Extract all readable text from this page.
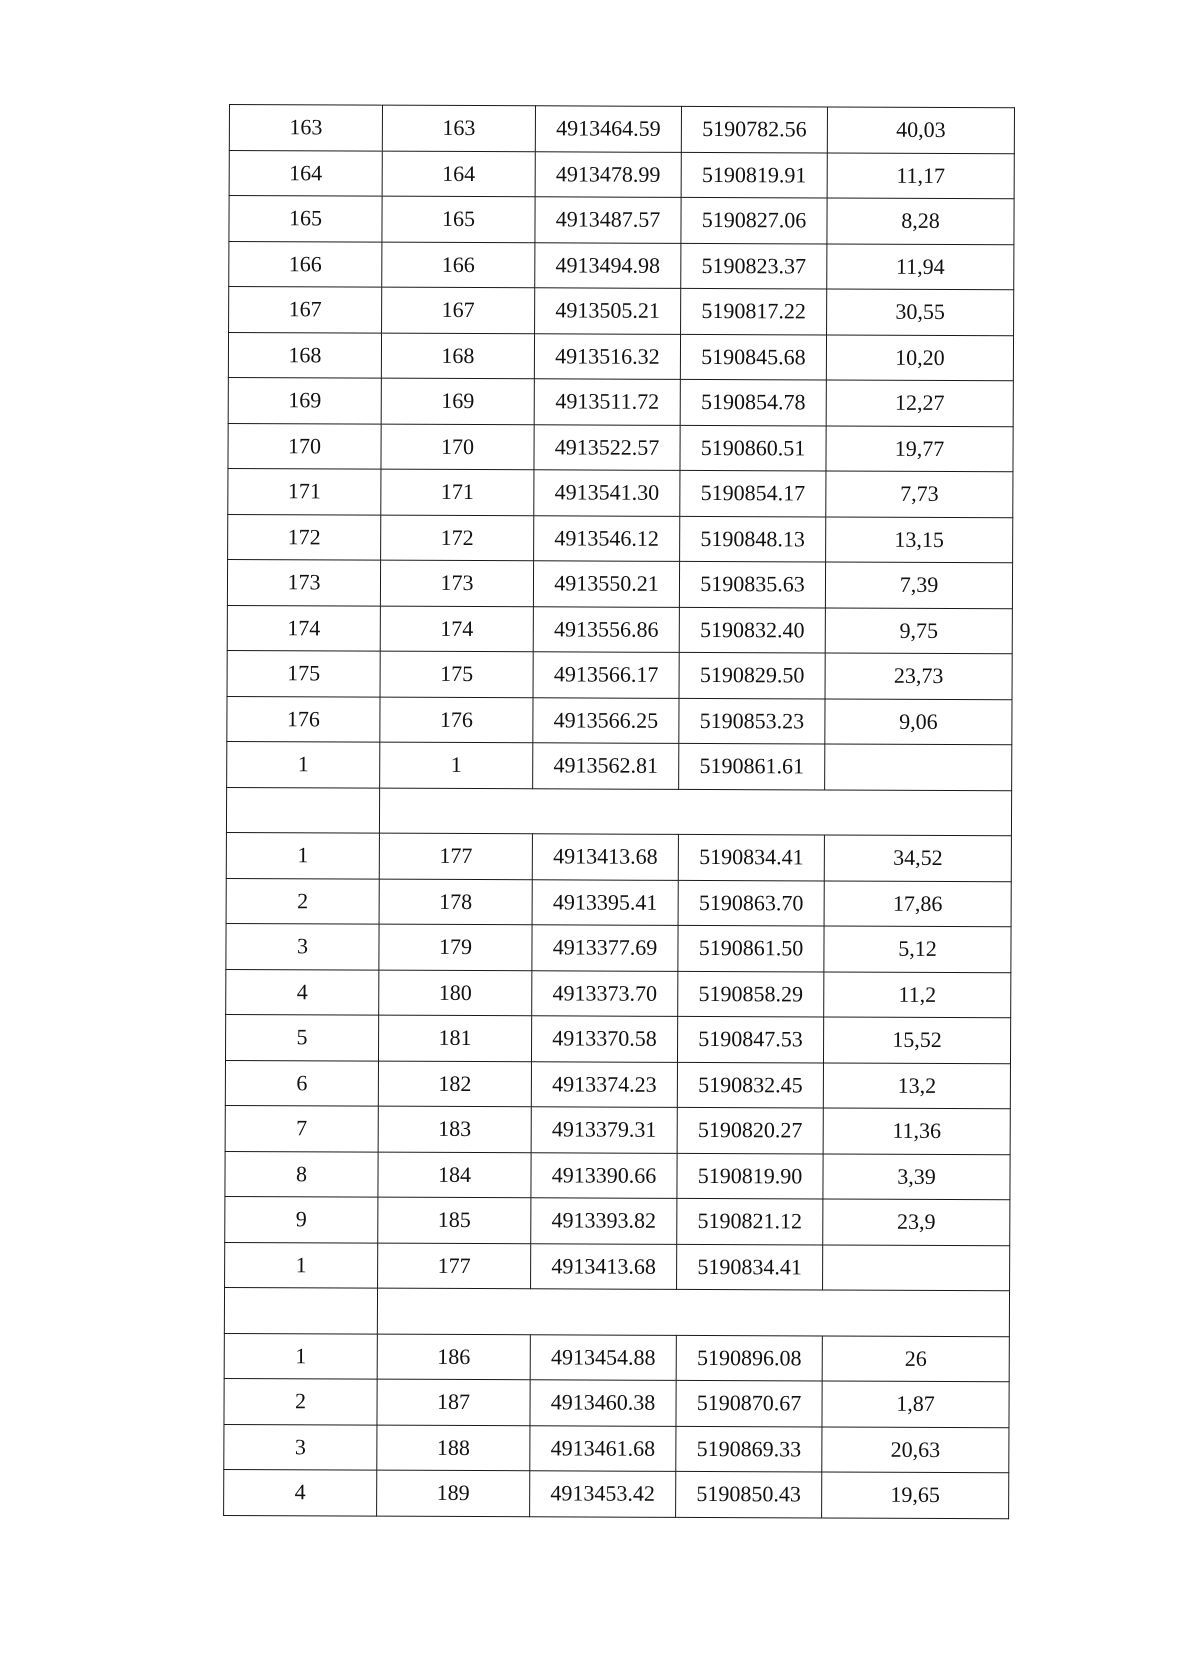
163	163	4913464.59	5190782.56	40,03
164	164	4913478.99	5190819.91	11,17
165	165	4913487.57	5190827.06	8,28
166	166	4913494.98	5190823.37	11,94
167	167	4913505.21	5190817.22	30,55
168	168	4913516.32	5190845.68	10,20
169	169	4913511.72	5190854.78	12,27
170	170	4913522.57	5190860.51	19,77
171	171	4913541.30	5190854.17	7,73
172	172	4913546.12	5190848.13	13,15
173	173	4913550.21	5190835.63	7,39
174	174	4913556.86	5190832.40	9,75
175	175	4913566.17	5190829.50	23,73
176	176	4913566.25	5190853.23	9,06
1	1	4913562.81	5190861.61	

1	177	4913413.68	5190834.41	34,52
2	178	4913395.41	5190863.70	17,86
3	179	4913377.69	5190861.50	5,12
4	180	4913373.70	5190858.29	11,2
5	181	4913370.58	5190847.53	15,52
6	182	4913374.23	5190832.45	13,2
7	183	4913379.31	5190820.27	11,36
8	184	4913390.66	5190819.90	3,39
9	185	4913393.82	5190821.12	23,9
1	177	4913413.68	5190834.41	

1	186	4913454.88	5190896.08	26
2	187	4913460.38	5190870.67	1,87
3	188	4913461.68	5190869.33	20,63
4	189	4913453.42	5190850.43	19,65
